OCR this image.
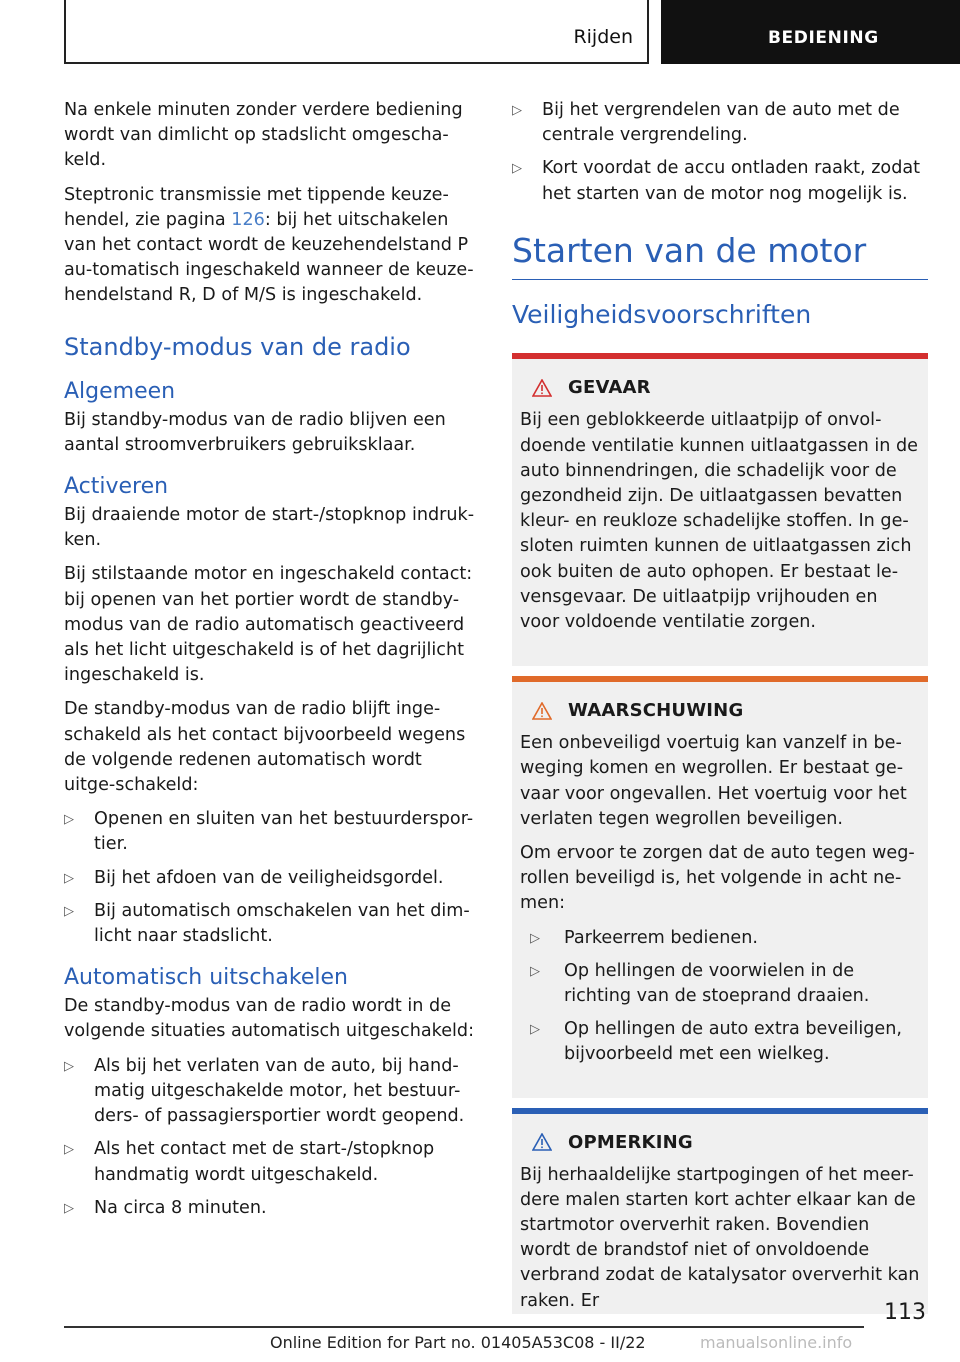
Rijden	BEDIENING

Na enkele minuten zonder verdere bediening wordt van dimlicht op stadslicht omgescha-keld.

Steptronic transmissie met tippende keuze-hendel, zie pagina 126: bij het uitschakelen van het contact wordt de keuzehendelstand P au-tomatisch ingeschakeld wanneer de keuze-hendelstand R, D of M/S is ingeschakeld.

Standby-modus van de radio
Algemeen

Bij standby-modus van de radio blijven een aantal stroomverbruikers gebruiksklaar.

Activeren

Bij draaiende motor de start-/stopknop indruk-ken.

Bij stilstaande motor en ingeschakeld contact: bij openen van het portier wordt de standby-modus van de radio automatisch geactiveerd als het licht uitgeschakeld is of het dagrijlicht ingeschakeld is.

De standby-modus van de radio blijft inge-schakeld als het contact bijvoorbeeld wegens de volgende redenen automatisch wordt uitge-schakeld:

▷ Openen en sluiten van het bestuurderspor-tier.
▷ Bij het afdoen van de veiligheidsgordel.
▷ Bij automatisch omschakelen van het dim-licht naar stadslicht.
Automatisch uitschakelen

De standby-modus van de radio wordt in de volgende situaties automatisch uitgeschakeld:

▷ Als bij het verlaten van de auto, bij hand-matig uitgeschakelde motor, het bestuur-ders- of passagiersportier wordt geopend.
▷ Als het contact met de start-/stopknop handmatig wordt uitgeschakeld.
▷ Na circa 8 minuten.
▷ Bij het vergrendelen van de auto met de centrale vergrendeling.
▷ Kort voordat de accu ontladen raakt, zodat het starten van de motor nog mogelijk is.
Starten van de motor
Veiligheidsvoorschriften
GEVAAR

Bij een geblokkeerde uitlaatpijp of onvol-doende ventilatie kunnen uitlaatgassen in de auto binnendringen, die schadelijk voor de gezondheid zijn. De uitlaatgassen bevatten kleur- en reukloze schadelijke stoffen. In ge-sloten ruimten kunnen de uitlaatgassen zich ook buiten de auto ophopen. Er bestaat le-vensgevaar. De uitlaatpijp vrijhouden en voor voldoende ventilatie zorgen.

WAARSCHUWING

Een onbeveiligd voertuig kan vanzelf in be-weging komen en wegrollen. Er bestaat ge-vaar voor ongevallen. Het voertuig voor het verlaten tegen wegrollen beveiligen.

Om ervoor te zorgen dat de auto tegen weg-rollen beveiligd is, het volgende in acht ne-men:

▷ Parkeerrem bedienen.
▷ Op hellingen de voorwielen in de richting van de stoeprand draaien.
▷ Op hellingen de auto extra beveiligen, bijvoorbeeld met een wielkeg.
OPMERKING

Bij herhaaldelijke startpogingen of het meer-dere malen starten kort achter elkaar kan de startmotor oververhit raken. Bovendien wordt de brandstof niet of onvoldoende verbrand zodat de katalysator oververhit kan raken. Er	113
Online Edition for Part no. 01405A53C08 - II/22	manualsonline.info
